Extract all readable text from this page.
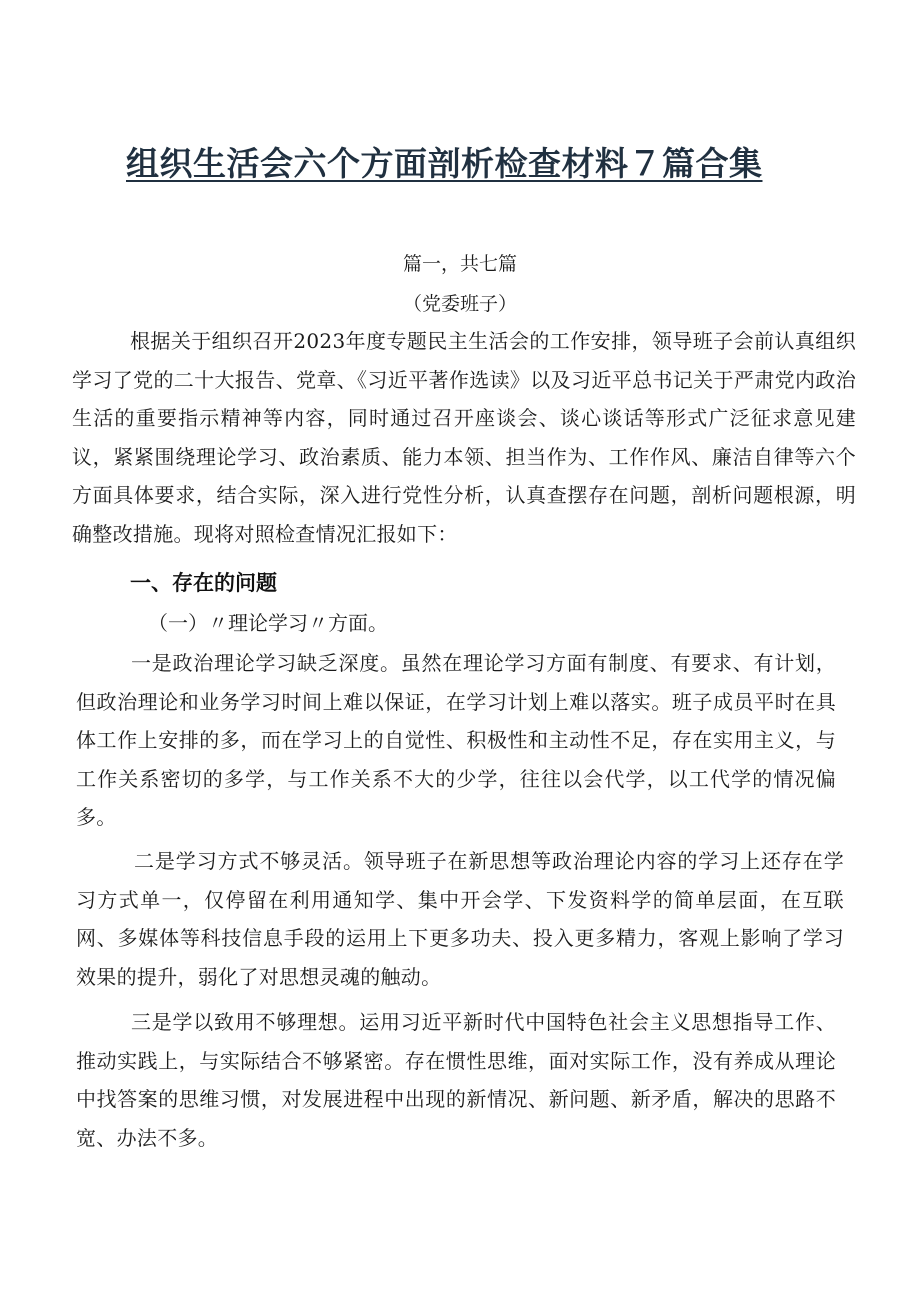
组织生活会六个方面剖析检查材料７篇合集
篇一，共七篇
（党委班子）
根据关于组织召开2023年度专题民主生活会的工作安排，领导班子会前认真组织学习了党的二十大报告、党章、《习近平著作选读》以及习近平总书记关于严肃党内政治生活的重要指示精神等内容，同时通过召开座谈会、谈心谈话等形式广泛征求意见建议，紧紧围绕理论学习、政治素质、能力本领、担当作为、工作作风、廉洁自律等六个方面具体要求，结合实际，深入进行党性分析，认真查摆存在问题，剖析问题根源，明确整改措施。现将对照检查情况汇报如下：
一、存在的问题
（一）〃理论学习〃方面。
一是政治理论学习缺乏深度。虽然在理论学习方面有制度、有要求、有计划，但政治理论和业务学习时间上难以保证，在学习计划上难以落实。班子成员平时在具体工作上安排的多，而在学习上的自觉性、积极性和主动性不足，存在实用主义，与工作关系密切的多学，与工作关系不大的少学，往往以会代学，以工代学的情况偏多。
二是学习方式不够灵活。领导班子在新思想等政治理论内容的学习上还存在学习方式单一，仅停留在利用通知学、集中开会学、下发资料学的简单层面，在互联网、多媒体等科技信息手段的运用上下更多功夫、投入更多精力，客观上影响了学习效果的提升，弱化了对思想灵魂的触动。
三是学以致用不够理想。运用习近平新时代中国特色社会主义思想指导工作、推动实践上，与实际结合不够紧密。存在惯性思维，面对实际工作，没有养成从理论中找答案的思维习惯，对发展进程中出现的新情况、新问题、新矛盾，解决的思路不宽、办法不多。
